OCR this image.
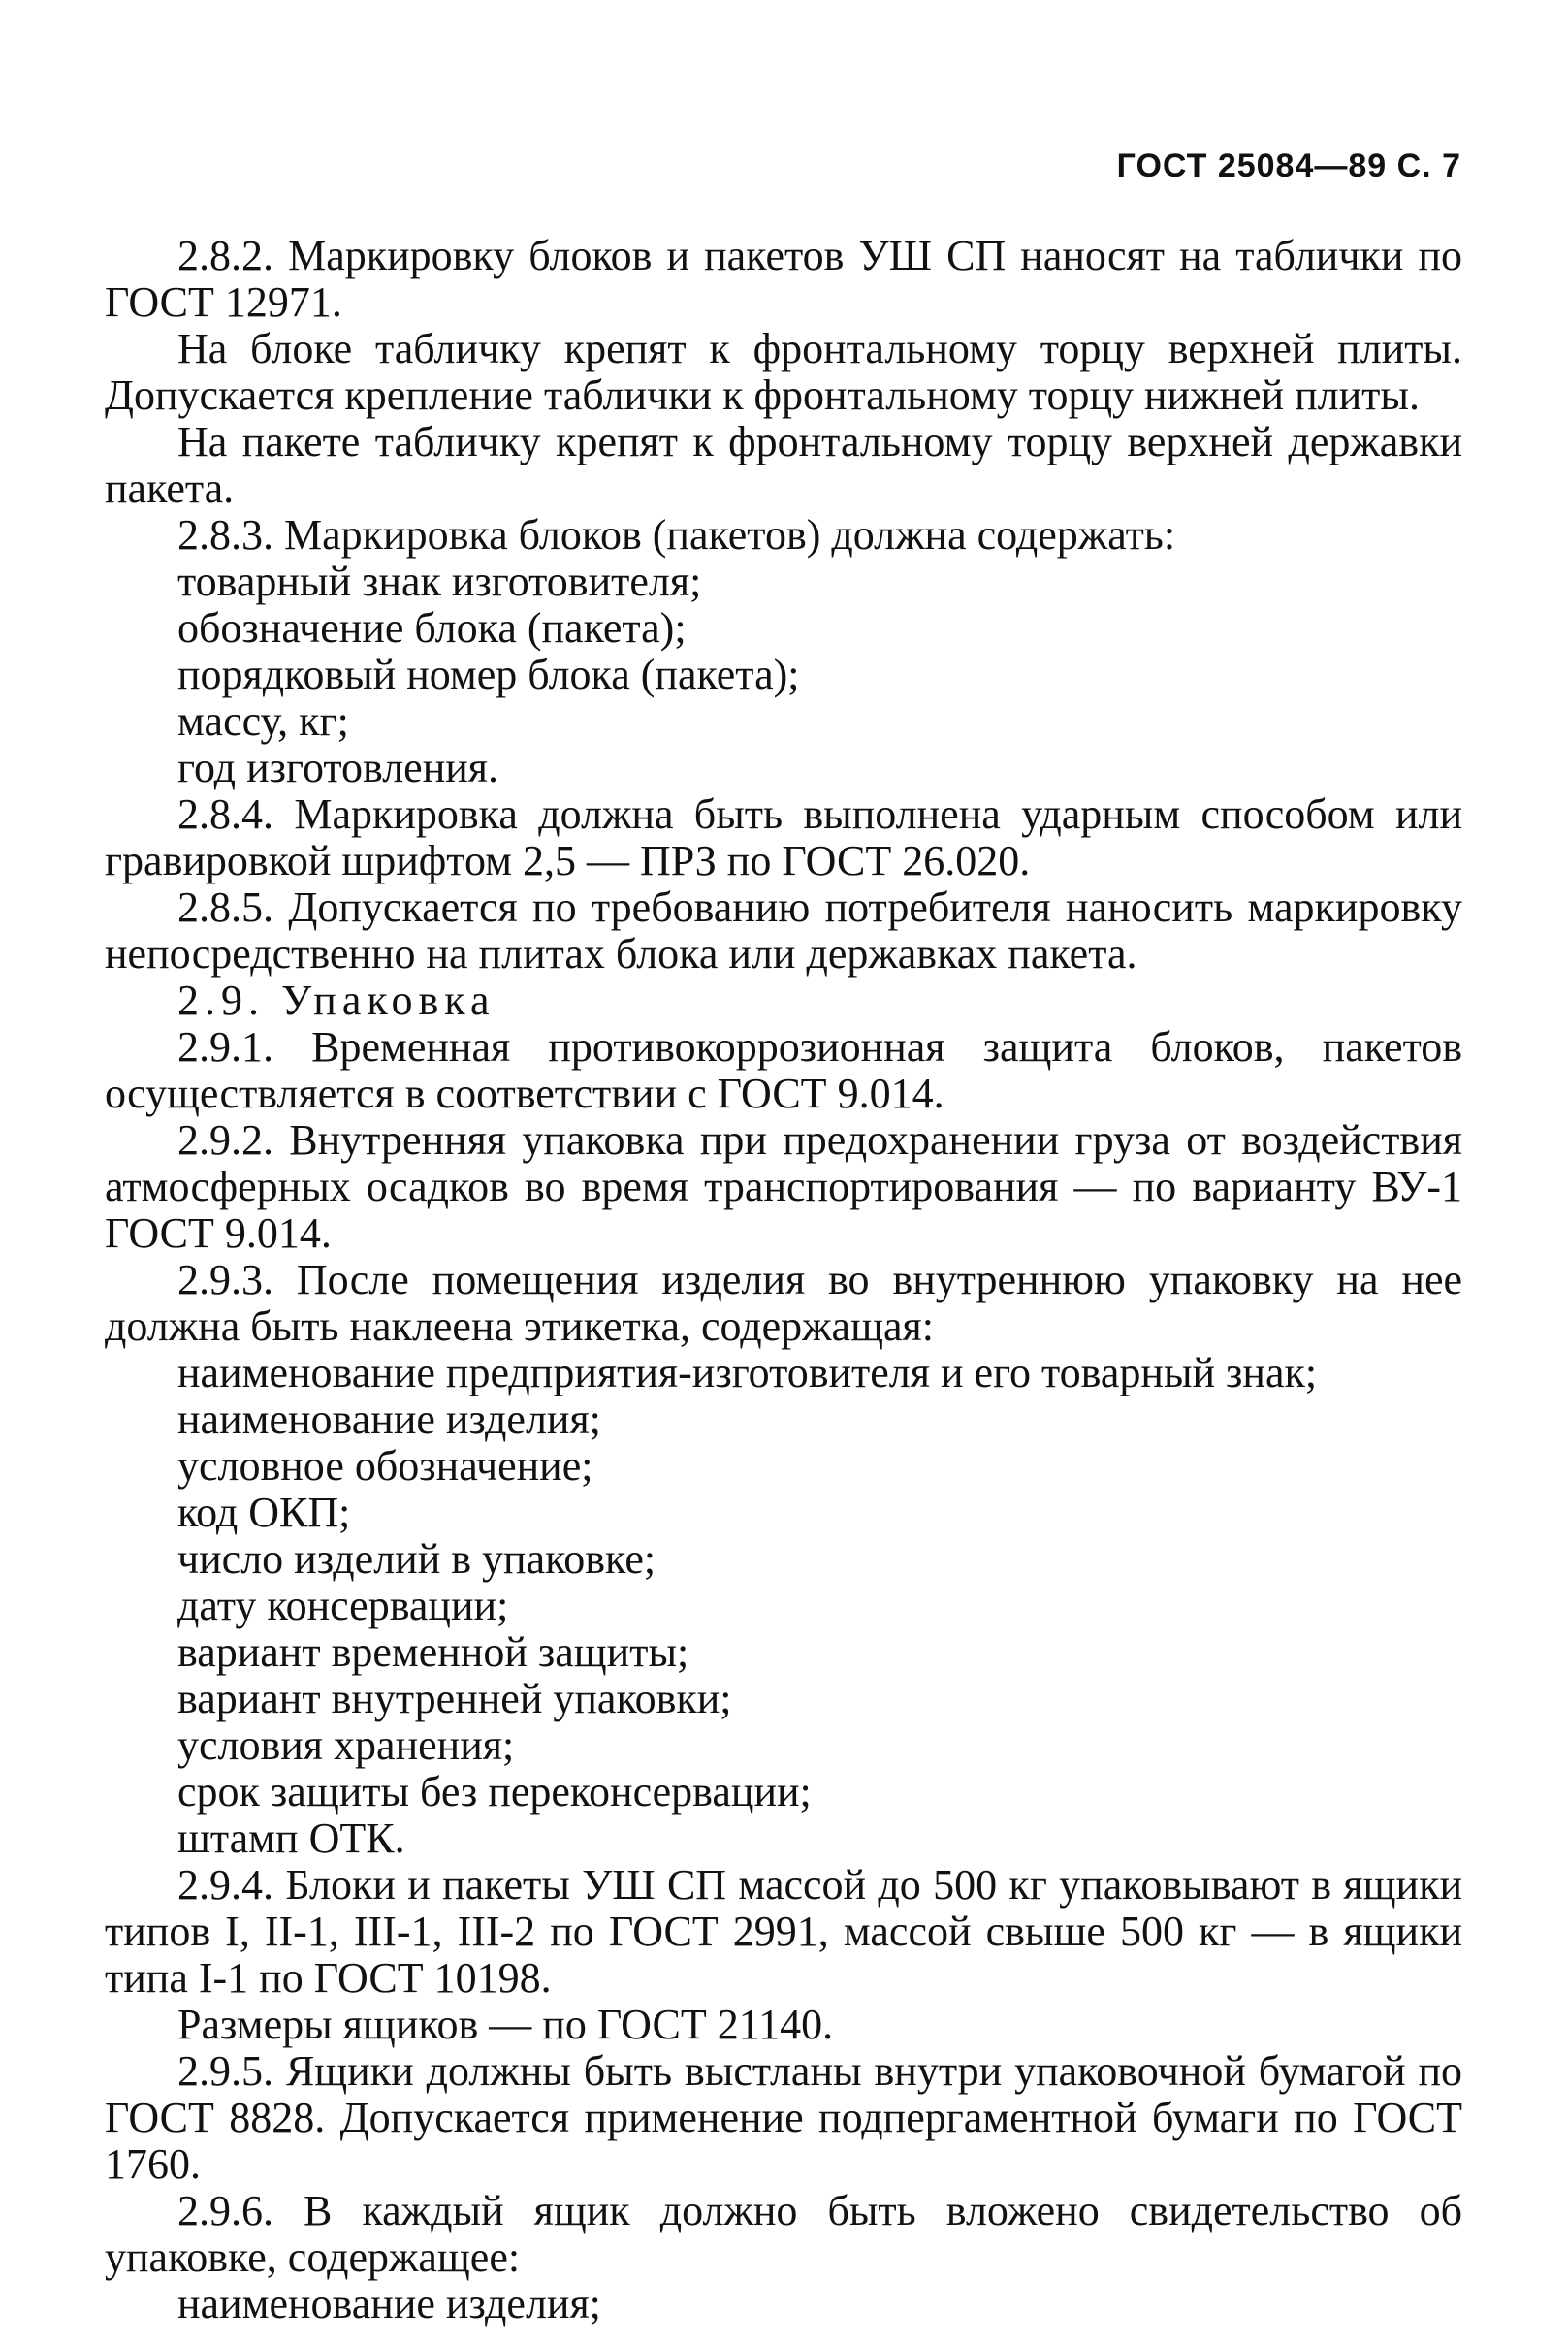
ГОСТ 25084—89 С. 7

2.8.2. Маркировку блоков и пакетов УШ СП наносят на таблички по ГОСТ 12971.

На блоке табличку крепят к фронтальному торцу верхней плиты. Допускается крепление таблички к фронтальному торцу нижней плиты.

На пакете табличку крепят к фронтальному торцу верхней державки пакета.

2.8.3. Маркировка блоков (пакетов) должна содержать:

товарный знак изготовителя;

обозначение блока (пакета);

порядковый номер блока (пакета);

массу, кг;

год изготовления.

2.8.4. Маркировка должна быть выполнена ударным способом или гравировкой шрифтом 2,5 — ПРЗ по ГОСТ 26.020.

2.8.5. Допускается по требованию потребителя наносить маркировку непосредственно на плитах блока или державках пакета.

2.9. Упаковка

2.9.1. Временная противокоррозионная защита блоков, пакетов осуществляется в соответствии с ГОСТ 9.014.

2.9.2. Внутренняя упаковка при предохранении груза от воздействия атмосферных осадков во время транспортирования — по варианту ВУ-1 ГОСТ 9.014.

2.9.3. После помещения изделия во внутреннюю упаковку на нее должна быть наклеена этикетка, содержащая:

наименование предприятия-изготовителя и его товарный знак;

наименование изделия;

условное обозначение;

код ОКП;

число изделий в упаковке;

дату консервации;

вариант временной защиты;

вариант внутренней упаковки;

условия хранения;

срок защиты без переконсервации;

штамп ОТК.

2.9.4. Блоки и пакеты УШ СП массой до 500 кг упаковывают в ящики типов I, II-1, III-1, III-2 по ГОСТ 2991, массой свыше 500 кг — в ящики типа I-1 по ГОСТ 10198.

Размеры ящиков — по ГОСТ 21140.

2.9.5. Ящики должны быть выстланы внутри упаковочной бумагой по ГОСТ 8828. Допускается применение подпергаментной бумаги по ГОСТ 1760.

2.9.6. В каждый ящик должно быть вложено свидетельство об упаковке, содержащее:

наименование изделия;
